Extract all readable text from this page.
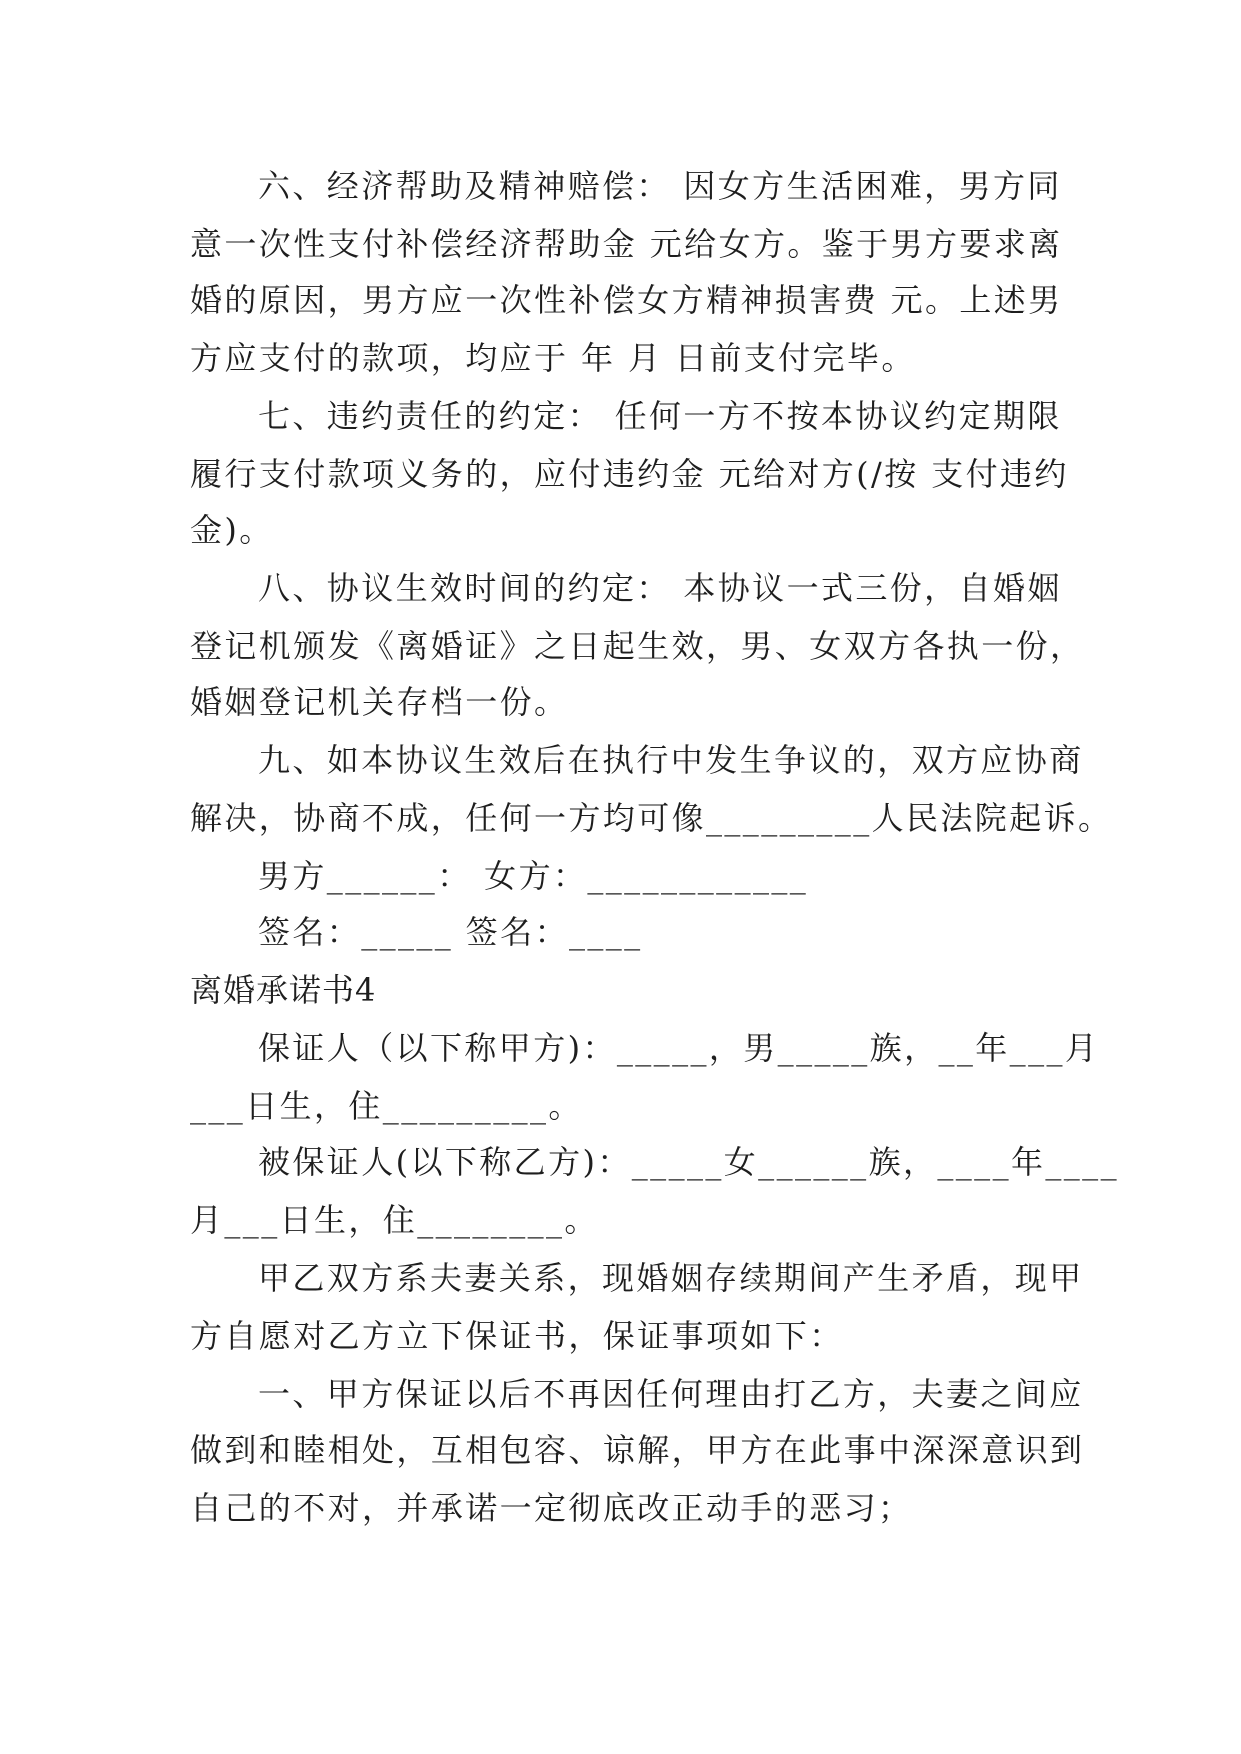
六、经济帮助及精神赔偿： 因女方生活困难，男方同
意一次性支付补偿经济帮助金 元给女方。鉴于男方要求离
婚的原因，男方应一次性补偿女方精神损害费 元。上述男
方应支付的款项，均应于 年 月 日前支付完毕。
七、违约责任的约定： 任何一方不按本协议约定期限
履行支付款项义务的，应付违约金 元给对方(/按 支付违约
金)。
八、协议生效时间的约定： 本协议一式三份，自婚姻
登记机颁发《离婚证》之日起生效，男、女双方各执一份，
婚姻登记机关存档一份。
九、如本协议生效后在执行中发生争议的，双方应协商
解决，协商不成，任何一方均可像_________人民法院起诉。
男方______： 女方：____________
签名：_____ 签名：____
离婚承诺书4
保证人（以下称甲方)：_____，男_____族，__年___月
___日生，住_________。
被保证人(以下称乙方)：_____女______族，____年____
月___日生，住________。
甲乙双方系夫妻关系，现婚姻存续期间产生矛盾，现甲
方自愿对乙方立下保证书，保证事项如下：
一、甲方保证以后不再因任何理由打乙方，夫妻之间应
做到和睦相处，互相包容、谅解，甲方在此事中深深意识到
自己的不对，并承诺一定彻底改正动手的恶习；
